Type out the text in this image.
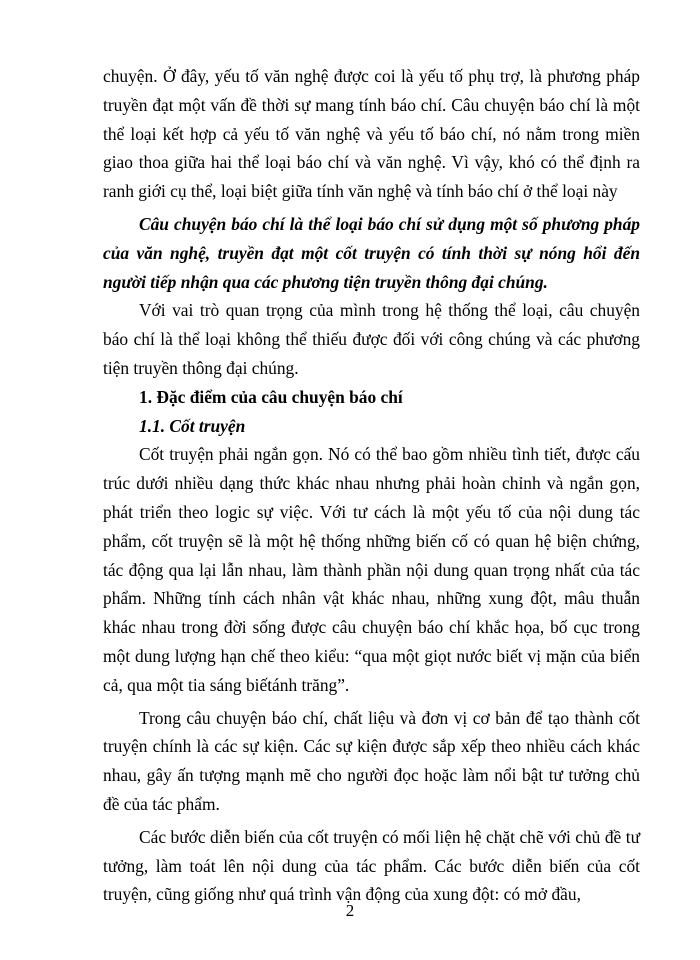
chuyện. Ở đây, yếu tố văn nghệ được coi là yếu tố phụ trợ, là phương pháp truyền đạt một vấn đề thời sự mang tính báo chí. Câu chuyện báo chí là một thể loại kết hợp cả yếu tố văn nghệ và yếu tố báo chí, nó nằm trong miền giao thoa giữa hai thể loại báo chí và văn nghệ. Vì vậy, khó có thể định ra ranh giới cụ thể, loại biệt giữa tính văn nghệ và tính báo chí ở thể loại này

Câu chuyện báo chí là thể loại báo chí sử dụng một số phương pháp của văn nghệ, truyền đạt một cốt truyện có tính thời sự nóng hổi đến người tiếp nhận qua các phương tiện truyền thông đại chúng.

Với vai trò quan trọng của mình trong hệ thống thể loại, câu chuyện báo chí là thể loại không thể thiếu được đối với công chúng và các phương tiện truyền thông đại chúng.

1. Đặc điểm của câu chuyện báo chí

1.1. Cốt truyện

Cốt truyện phải ngắn gọn. Nó có thể bao gồm nhiều tình tiết, được cấu trúc dưới nhiều dạng thức khác nhau nhưng phải hoàn chỉnh và ngắn gọn, phát triển theo logic sự việc. Với tư cách là một yếu tố của nội dung tác phẩm, cốt truyện sẽ là một hệ thống những biến cố có quan hệ biện chứng, tác động qua lại lẫn nhau, làm thành phần nội dung quan trọng nhất của tác phẩm. Những tính cách nhân vật khác nhau, những xung đột, mâu thuẫn khác nhau trong đời sống được câu chuyện báo chí khắc họa, bố cục trong một dung lượng hạn chế theo kiểu: “qua một giọt nước biết vị mặn của biển cả, qua một tia sáng biếtánh trăng”.

Trong câu chuyện báo chí, chất liệu và đơn vị cơ bản để tạo thành cốt truyện chính là các sự kiện. Các sự kiện được sắp xếp theo nhiều cách khác nhau, gây ấn tượng mạnh mẽ cho người đọc hoặc làm nổi bật tư tưởng chủ đề của tác phẩm.

Các bước diễn biến của cốt truyện có mối liện hệ chặt chẽ với chủ đề tư tưởng, làm toát lên nội dung của tác phẩm. Các bước diễn biến của cốt truyện, cũng giống như quá trình vận động của xung đột: có mở đầu,

2
